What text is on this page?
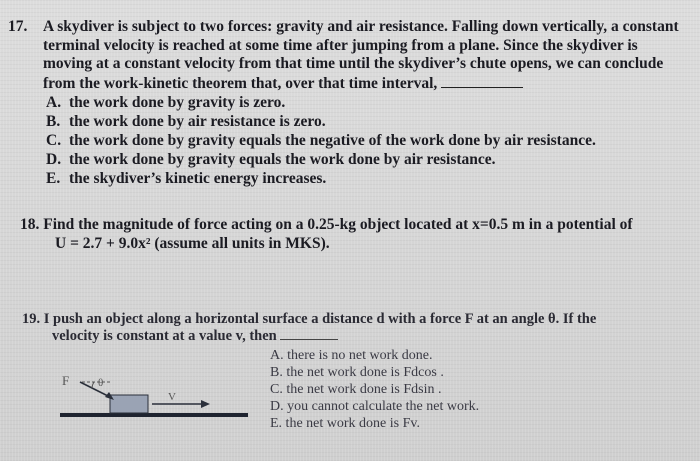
17. A skydiver is subject to two forces: gravity and air resistance. Falling down vertically, a constant terminal velocity is reached at some time after jumping from a plane. Since the skydiver is moving at a constant velocity from that time until the skydiver’s chute opens, we can conclude from the work-kinetic theorem that, over that time interval,
A. the work done by gravity is zero.
B. the work done by air resistance is zero.
C. the work done by gravity equals the negative of the work done by air resistance.
D. the work done by gravity equals the work done by air resistance.
E. the skydiver’s kinetic energy increases.
18. Find the magnitude of force acting on a 0.25-kg object located at x=0.5 m in a potential of
U = 2.7 + 9.0x² (assume all units in MKS).
19. I push an object along a horizontal surface a distance d with a force F at an angle θ. If the
velocity is constant at a value v, then
A. there is no net work done.
B. the net work done is Fdcos .
C. the net work done is Fdsin .
D. you cannot calculate the net work.
E. the net work done is Fv.
F	θ
V
